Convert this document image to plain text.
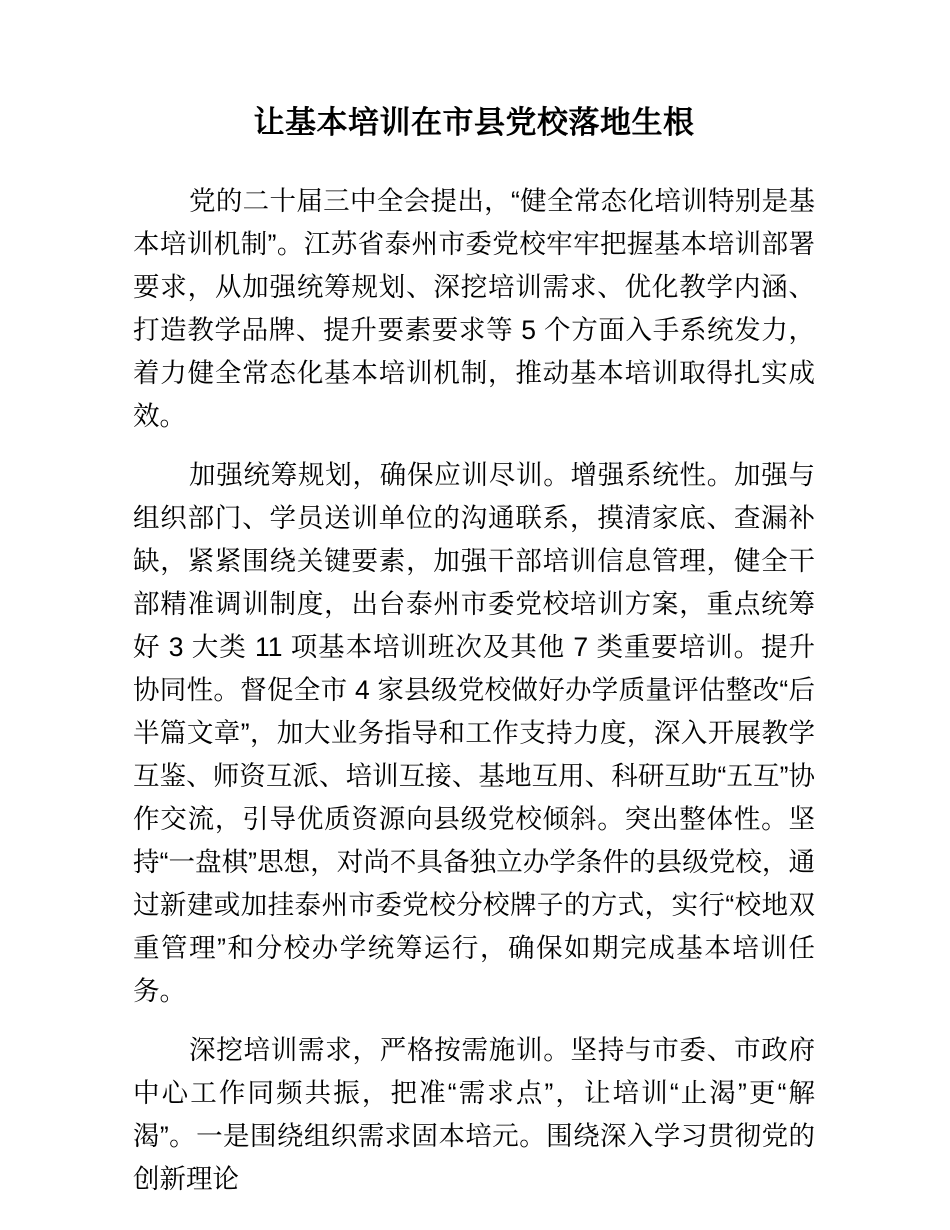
让基本培训在市县党校落地生根

党的二十届三中全会提出，“健全常态化培训特别是基本培训机制”。江苏省泰州市委党校牢牢把握基本培训部署要求，从加强统筹规划、深挖培训需求、优化教学内涵、打造教学品牌、提升要素要求等 5 个方面入手系统发力，着力健全常态化基本培训机制，推动基本培训取得扎实成效。

加强统筹规划，确保应训尽训。增强系统性。加强与组织部门、学员送训单位的沟通联系，摸清家底、查漏补缺，紧紧围绕关键要素，加强干部培训信息管理，健全干部精准调训制度，出台泰州市委党校培训方案，重点统筹好 3 大类 11 项基本培训班次及其他 7 类重要培训。提升协同性。督促全市 4 家县级党校做好办学质量评估整改“后半篇文章”，加大业务指导和工作支持力度，深入开展教学互鉴、师资互派、培训互接、基地互用、科研互助“五互”协作交流，引导优质资源向县级党校倾斜。突出整体性。坚持“一盘棋”思想，对尚不具备独立办学条件的县级党校，通过新建或加挂泰州市委党校分校牌子的方式，实行“校地双重管理”和分校办学统筹运行，确保如期完成基本培训任务。

深挖培训需求，严格按需施训。坚持与市委、市政府中心工作同频共振，把准“需求点”，让培训“止渴”更“解渴”。一是围绕组织需求固本培元。围绕深入学习贯彻党的创新理论
